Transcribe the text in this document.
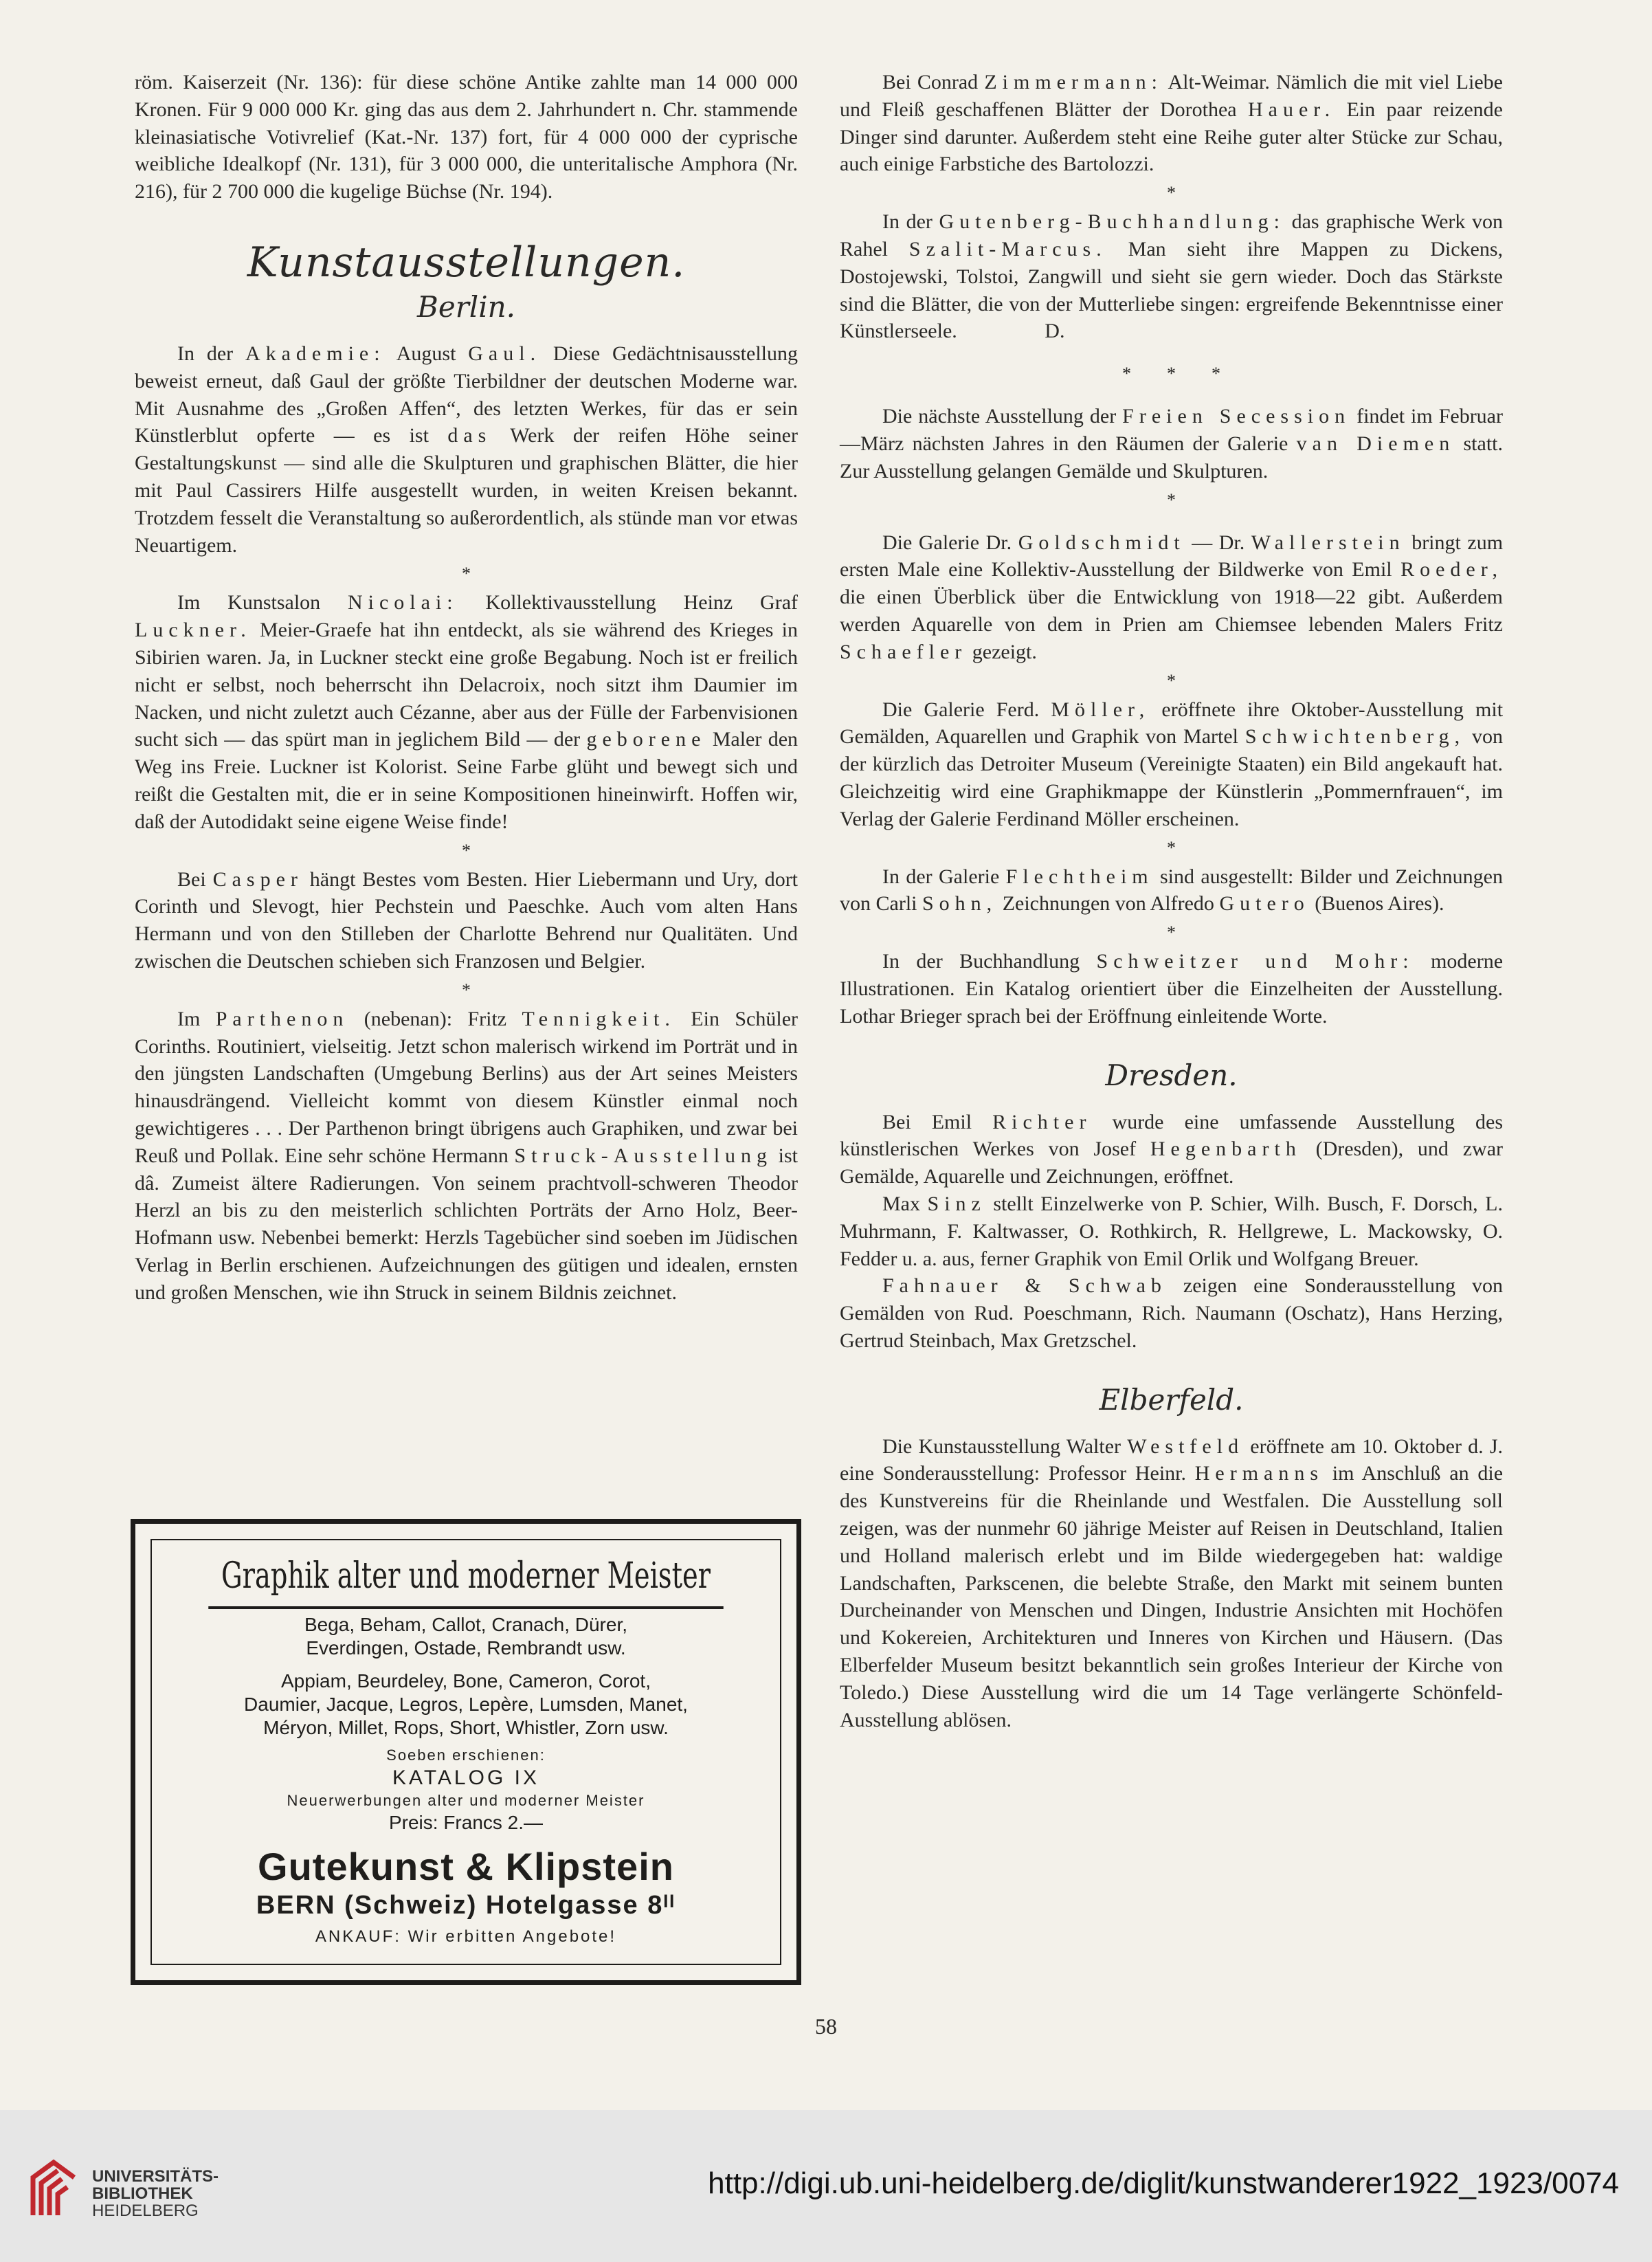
röm. Kaiserzeit (Nr. 136): für diese schöne Antike zahlte man 14 000 000 Kronen. Für 9 000 000 Kr. ging das aus dem 2. Jahrhundert n. Chr. stammende kleinasiatische Votivrelief (Kat.-Nr. 137) fort, für 4 000 000 der cyprische weibliche Idealkopf (Nr. 131), für 3 000 000, die unteritalische Amphora (Nr. 216), für 2 700 000 die kugelige Büchse (Nr. 194).

Kunstausstellungen.
Berlin.

In der Akademie: August Gaul. Diese Gedächtnisausstellung beweist erneut, daß Gaul der größte Tierbildner der deutschen Moderne war. Mit Ausnahme des „Großen Affen“, des letzten Werkes, für das er sein Künstlerblut opferte — es ist das Werk der reifen Höhe seiner Gestaltungskunst — sind alle die Skulpturen und graphischen Blätter, die hier mit Paul Cassirers Hilfe ausgestellt wurden, in weiten Kreisen bekannt. Trotzdem fesselt die Veranstaltung so außerordentlich, als stünde man vor etwas Neuartigem.

*

Im Kunstsalon Nicolai: Kollektivausstellung Heinz Graf Luckner. Meier-Graefe hat ihn entdeckt, als sie während des Krieges in Sibirien waren. Ja, in Luckner steckt eine große Begabung. Noch ist er freilich nicht er selbst, noch beherrscht ihn Delacroix, noch sitzt ihm Daumier im Nacken, und nicht zuletzt auch Cézanne, aber aus der Fülle der Farbenvisionen sucht sich — das spürt man in jeglichem Bild — der geborene Maler den Weg ins Freie. Luckner ist Kolorist. Seine Farbe glüht und bewegt sich und reißt die Gestalten mit, die er in seine Kompositionen hineinwirft. Hoffen wir, daß der Autodidakt seine eigene Weise finde!

*

Bei Casper hängt Bestes vom Besten. Hier Liebermann und Ury, dort Corinth und Slevogt, hier Pechstein und Paeschke. Auch vom alten Hans Hermann und von den Stilleben der Charlotte Behrend nur Qualitäten. Und zwischen die Deutschen schieben sich Franzosen und Belgier.

*

Im Parthenon (nebenan): Fritz Tennigkeit. Ein Schüler Corinths. Routiniert, vielseitig. Jetzt schon malerisch wirkend im Porträt und in den jüngsten Landschaften (Umgebung Berlins) aus der Art seines Meisters hinausdrängend. Vielleicht kommt von diesem Künstler einmal noch gewichtigeres . . . Der Parthenon bringt übrigens auch Graphiken, und zwar bei Reuß und Pollak. Eine sehr schöne Hermann Struck-Ausstellung ist dâ. Zumeist ältere Radierungen. Von seinem prachtvoll-schweren Theodor Herzl an bis zu den meisterlich schlichten Porträts der Arno Holz, Beer-Hofmann usw. Nebenbei bemerkt: Herzls Tagebücher sind soeben im Jüdischen Verlag in Berlin erschienen. Aufzeichnungen des gütigen und idealen, ernsten und großen Menschen, wie ihn Struck in seinem Bildnis zeichnet.

Graphik alter und moderner Meister
Bega, Beham, Callot, Cranach, Dürer,
Everdingen, Ostade, Rembrandt usw.
Appiam, Beurdeley, Bone, Cameron, Corot,
Daumier, Jacque, Legros, Lepère, Lumsden, Manet,
Méryon, Millet, Rops, Short, Whistler, Zorn usw.
Soeben erschienen:
KATALOG IX
Neuerwerbungen alter und moderner Meister
Preis: Francs 2.—
Gutekunst & Klipstein
BERN (Schweiz) Hotelgasse 8ᴵᴵ
ANKAUF: Wir erbitten Angebote!

Bei Conrad Zimmermann: Alt-Weimar. Nämlich die mit viel Liebe und Fleiß geschaffenen Blätter der Dorothea Hauer. Ein paar reizende Dinger sind darunter. Außerdem steht eine Reihe guter alter Stücke zur Schau, auch einige Farbstiche des Bartolozzi.

*

In der Gutenberg-Buchhandlung: das graphische Werk von Rahel Szalit-Marcus. Man sieht ihre Mappen zu Dickens, Dostojewski, Tolstoi, Zangwill und sieht sie gern wieder. Doch das Stärkste sind die Blätter, die von der Mutterliebe singen: ergreifende Bekenntnisse einer Künstlerseele.	D.

*        *        *

Die nächste Ausstellung der Freien Secession findet im Februar—März nächsten Jahres in den Räumen der Galerie van Diemen statt. Zur Ausstellung gelangen Gemälde und Skulpturen.

*

Die Galerie Dr. Goldschmidt — Dr. Wallerstein bringt zum ersten Male eine Kollektiv-Ausstellung der Bildwerke von Emil Roeder, die einen Überblick über die Entwicklung von 1918—22 gibt. Außerdem werden Aquarelle von dem in Prien am Chiemsee lebenden Malers Fritz Schaefler gezeigt.

*

Die Galerie Ferd. Möller, eröffnete ihre Oktober-Ausstellung mit Gemälden, Aquarellen und Graphik von Martel Schwichtenberg, von der kürzlich das Detroiter Museum (Vereinigte Staaten) ein Bild angekauft hat. Gleichzeitig wird eine Graphikmappe der Künstlerin „Pommernfrauen“, im Verlag der Galerie Ferdinand Möller erscheinen.

*

In der Galerie Flechtheim sind ausgestellt: Bilder und Zeichnungen von Carli Sohn, Zeichnungen von Alfredo Gutero (Buenos Aires).

*

In der Buchhandlung Schweitzer und Mohr: moderne Illustrationen. Ein Katalog orientiert über die Einzelheiten der Ausstellung. Lothar Brieger sprach bei der Eröffnung einleitende Worte.

Dresden.

Bei Emil Richter wurde eine umfassende Ausstellung des künstlerischen Werkes von Josef Hegenbarth (Dresden), und zwar Gemälde, Aquarelle und Zeichnungen, eröffnet.

Max Sinz stellt Einzelwerke von P. Schier, Wilh. Busch, F. Dorsch, L. Muhrmann, F. Kaltwasser, O. Rothkirch, R. Hellgrewe, L. Mackowsky, O. Fedder u. a. aus, ferner Graphik von Emil Orlik und Wolfgang Breuer.

Fahnauer & Schwab zeigen eine Sonderausstellung von Gemälden von Rud. Poeschmann, Rich. Naumann (Oschatz), Hans Herzing, Gertrud Steinbach, Max Gretzschel.

Elberfeld.

Die Kunstausstellung Walter Westfeld eröffnete am 10. Oktober d. J. eine Sonderausstellung: Professor Heinr. Hermanns im Anschluß an die des Kunstvereins für die Rheinlande und Westfalen. Die Ausstellung soll zeigen, was der nunmehr 60 jährige Meister auf Reisen in Deutschland, Italien und Holland malerisch erlebt und im Bilde wiedergegeben hat: waldige Landschaften, Parkscenen, die belebte Straße, den Markt mit seinem bunten Durcheinander von Menschen und Dingen, Industrie Ansichten mit Hochöfen und Kokereien, Architekturen und Inneres von Kirchen und Häusern. (Das Elberfelder Museum besitzt bekanntlich sein großes Interieur der Kirche von Toledo.) Diese Ausstellung wird die um 14 Tage verlängerte Schönfeld-Ausstellung ablösen.

58
UNIVERSITÄTS-
BIBLIOTHEK
HEIDELBERG
http://digi.ub.uni-heidelberg.de/diglit/kunstwanderer1922_1923/0074
